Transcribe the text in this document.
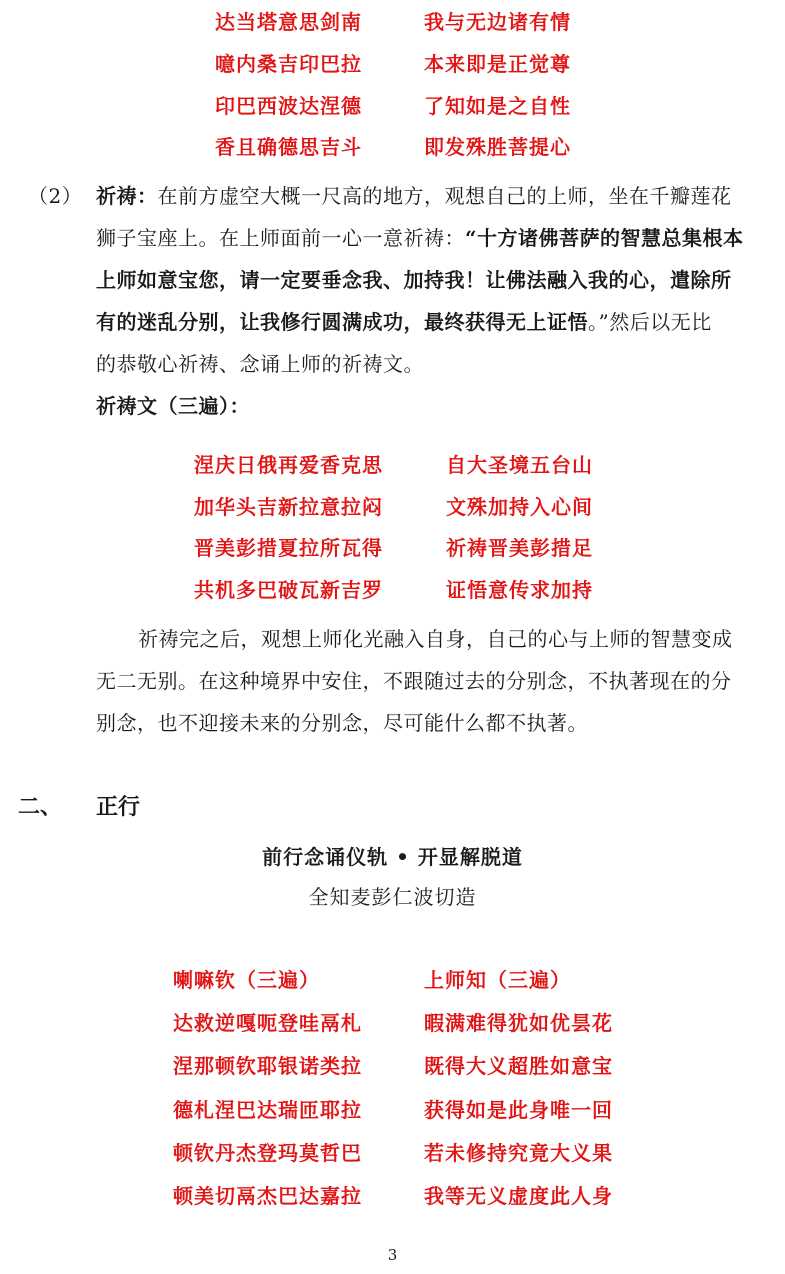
达当塔意思剑南	我与无边诸有情
噫内桑吉印巴拉	本来即是正觉尊
印巴西波达涅德	了知如是之自性
香且确德思吉斗	即发殊胜菩提心
（2） 祈祷：在前方虚空大概一尺高的地方，观想自己的上师，坐在千瓣莲花

狮子宝座上。在上师面前一心一意祈祷：“十方诸佛菩萨的智慧总集根本

上师如意宝您，请一定要垂念我、加持我！让佛法融入我的心，遣除所

有的迷乱分别，让我修行圆满成功，最终获得无上证悟。”然后以无比

的恭敬心祈祷、念诵上师的祈祷文。

祈祷文（三遍）：

涅庆日俄再爱香克思	自大圣境五台山
加华头吉新拉意拉闷	文殊加持入心间
晋美彭措夏拉所瓦得	祈祷晋美彭措足
共机多巴破瓦新吉罗	证悟意传求加持

祈祷完之后，观想上师化光融入自身，自己的心与上师的智慧变成

无二无别。在这种境界中安住，不跟随过去的分别念，不执著现在的分

别念，也不迎接未来的分别念，尽可能什么都不执著。

二、 正行
前行念诵仪轨 • 开显解脱道
全知麦彭仁波切造
喇嘛钦（三遍）	上师知（三遍）
达救逆嘎呃登哇鬲札	暇满难得犹如优昙花
涅那顿钦耶银诺类拉	既得大义超胜如意宝
德札涅巴达瑞匝耶拉	获得如是此身唯一回
顿钦丹杰登玛莫哲巴	若未修持究竟大义果
顿美切鬲杰巴达嘉拉	我等无义虚度此人身
3
